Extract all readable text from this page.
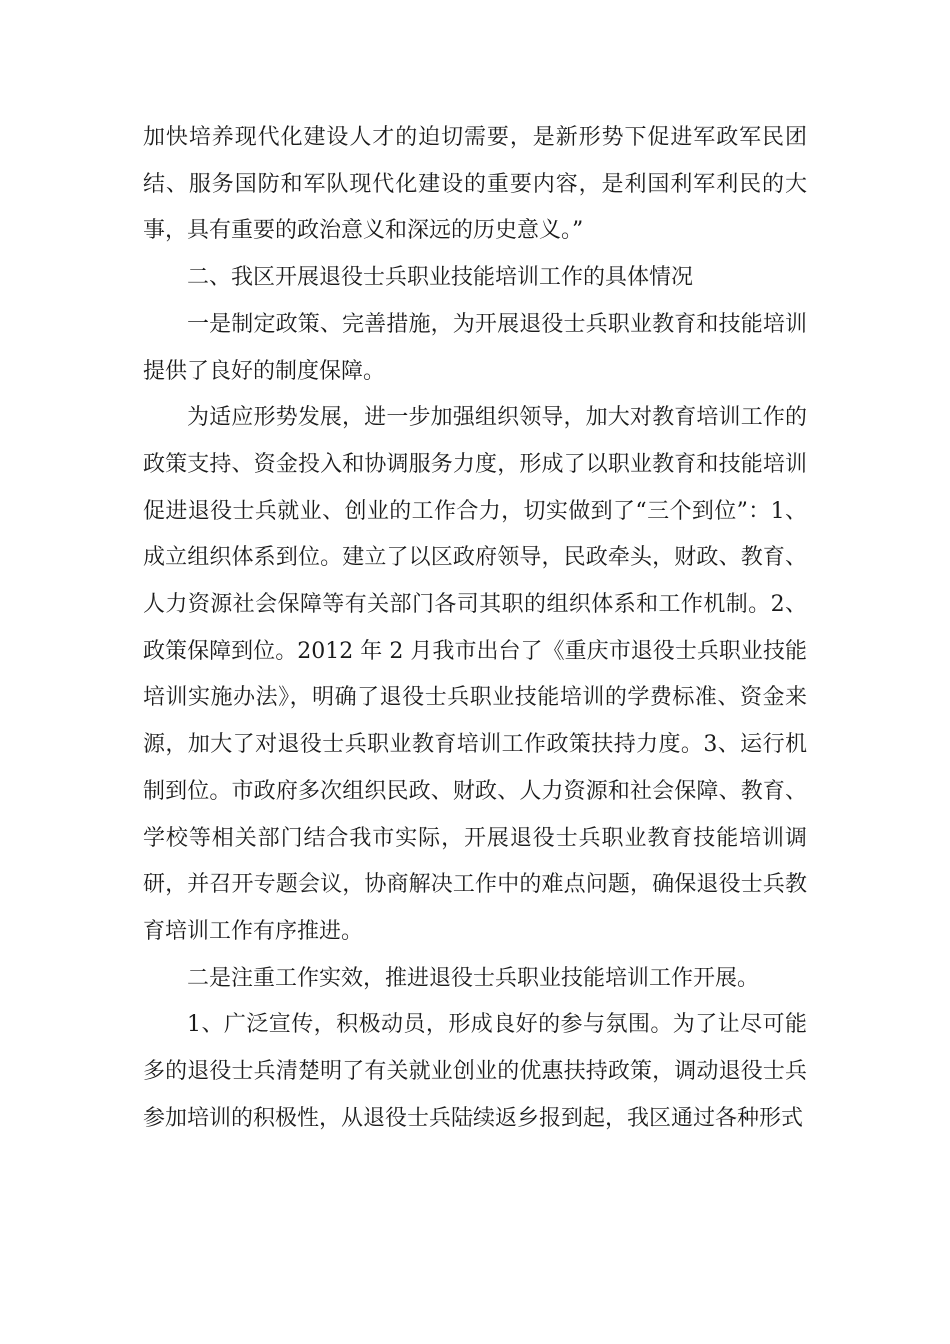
加快培养现代化建设人才的迫切需要，是新形势下促进军政军民团结、服务国防和军队现代化建设的重要内容，是利国利军利民的大事，具有重要的政治意义和深远的历史意义。”

二、我区开展退役士兵职业技能培训工作的具体情况

一是制定政策、完善措施，为开展退役士兵职业教育和技能培训提供了良好的制度保障。

为适应形势发展，进一步加强组织领导，加大对教育培训工作的政策支持、资金投入和协调服务力度，形成了以职业教育和技能培训促进退役士兵就业、创业的工作合力，切实做到了“三个到位”：1、成立组织体系到位。建立了以区政府领导，民政牵头，财政、教育、人力资源社会保障等有关部门各司其职的组织体系和工作机制。2、政策保障到位。2012 年 2 月我市出台了《重庆市退役士兵职业技能培训实施办法》，明确了退役士兵职业技能培训的学费标准、资金来源，加大了对退役士兵职业教育培训工作政策扶持力度。3、运行机制到位。市政府多次组织民政、财政、人力资源和社会保障、教育、学校等相关部门结合我市实际，开展退役士兵职业教育技能培训调研，并召开专题会议，协商解决工作中的难点问题，确保退役士兵教育培训工作有序推进。

二是注重工作实效，推进退役士兵职业技能培训工作开展。

1、广泛宣传，积极动员，形成良好的参与氛围。为了让尽可能多的退役士兵清楚明了有关就业创业的优惠扶持政策，调动退役士兵参加培训的积极性，从退役士兵陆续返乡报到起，我区通过各种形式
